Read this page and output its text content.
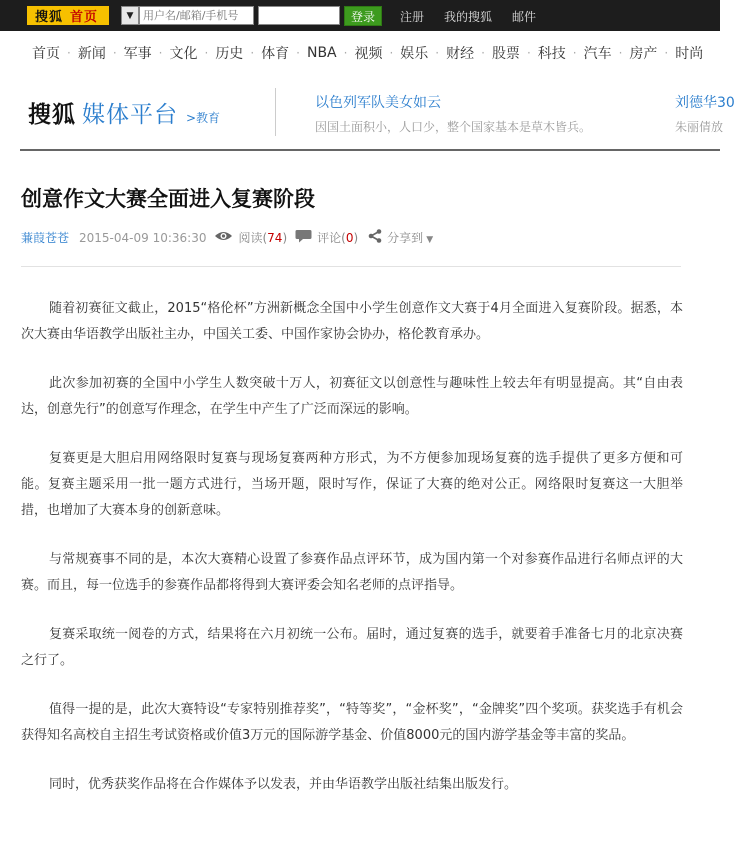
搜狐 首页	▼
用户名/邮箱/手机号	登录	注册 我的搜狐 邮件
首页 · 新闻 · 军事 · 文化 · 历史 · 体育 · NBA · 视频 · 娱乐 · 财经 · 股票 · 科技 · 汽车 · 房产 · 时尚
搜狐 媒体平台 >教育
以色列军队美女如云
因国土面积小，人口少，整个国家基本是草木皆兵。
刘德华30
朱丽倩放
创意作文大赛全面进入复赛阶段
蒹葭苍苍 2015-04-09 10:36:30	阅读(74)	评论(0) 分享到 ▼

随着初赛征文截止，2015“格伦杯”方洲新概念全国中小学生创意作文大赛于4月全面进入复赛阶段。据悉，本次大赛由华语教学出版社主办，中国关工委、中国作家协会协办，格伦教育承办。

此次参加初赛的全国中小学生人数突破十万人，初赛征文以创意性与趣味性上较去年有明显提高。其“自由表达，创意先行”的创意写作理念，在学生中产生了广泛而深远的影响。

复赛更是大胆启用网络限时复赛与现场复赛两种方形式，为不方便参加现场复赛的选手提供了更多方便和可能。复赛主题采用一批一题方式进行，当场开题，限时写作，保证了大赛的绝对公正。网络限时复赛这一大胆举措，也增加了大赛本身的创新意味。

与常规赛事不同的是，本次大赛精心设置了参赛作品点评环节，成为国内第一个对参赛作品进行名师点评的大赛。而且，每一位选手的参赛作品都将得到大赛评委会知名老师的点评指导。

复赛采取统一阅卷的方式，结果将在六月初统一公布。届时，通过复赛的选手，就要着手准备七月的北京决赛之行了。

值得一提的是，此次大赛特设“专家特别推荐奖”，“特等奖”，“金杯奖”，“金牌奖”四个奖项。获奖选手有机会获得知名高校自主招生考试资格或价值3万元的国际游学基金、价值8000元的国内游学基金等丰富的奖品。

同时，优秀获奖作品将在合作媒体予以发表，并由华语教学出版社结集出版发行。
